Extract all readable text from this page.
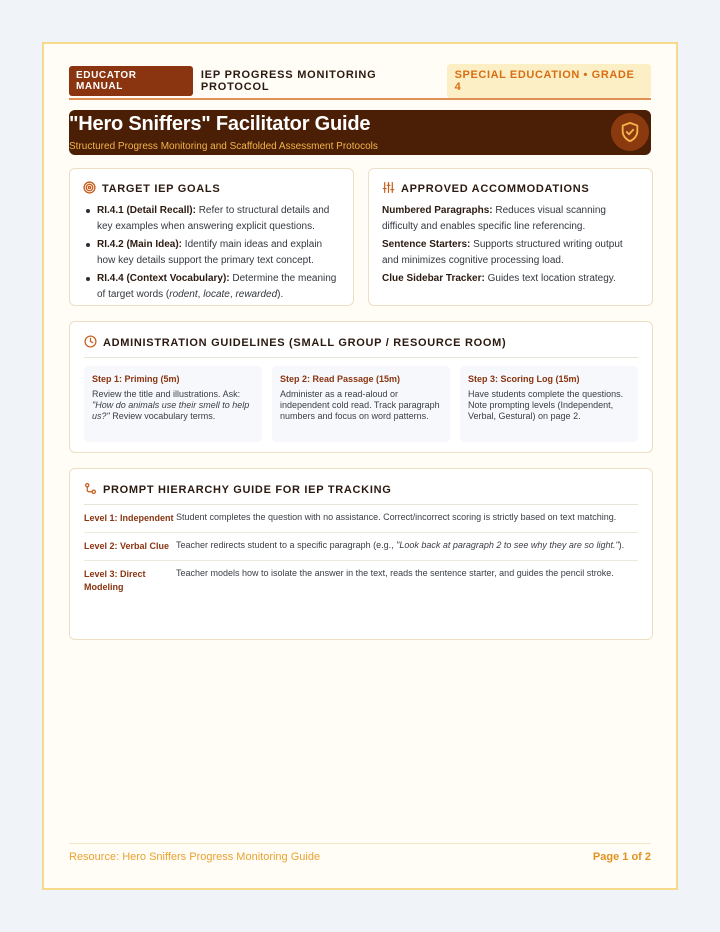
EDUCATOR MANUAL
IEP PROGRESS MONITORING PROTOCOL
SPECIAL EDUCATION • GRADE 4
"Hero Sniffers" Facilitator Guide
Structured Progress Monitoring and Scaffolded Assessment Protocols
TARGET IEP GOALS
RI.4.1 (Detail Recall): Refer to structural details and key examples when answering explicit questions.
RI.4.2 (Main Idea): Identify main ideas and explain how key details support the primary text concept.
RI.4.4 (Context Vocabulary): Determine the meaning of target words (rodent, locate, rewarded).
APPROVED ACCOMMODATIONS

Numbered Paragraphs: Reduces visual scanning difficulty and enables specific line referencing.

Sentence Starters: Supports structured writing output and minimizes cognitive processing load.

Clue Sidebar Tracker: Guides text location strategy.

ADMINISTRATION GUIDELINES (SMALL GROUP / RESOURCE ROOM)
Step 1: Priming (5m)
Review the title and illustrations. Ask: "How do animals use their smell to help us?" Review vocabulary terms.
Step 2: Read Passage (15m)
Administer as a read-aloud or independent cold read. Track paragraph numbers and focus on word patterns.
Step 3: Scoring Log (15m)
Have students complete the questions. Note prompting levels (Independent, Verbal, Gestural) on page 2.
PROMPT HIERARCHY GUIDE FOR IEP TRACKING
Level 1: Independent Student completes the question with no assistance. Correct/incorrect scoring is strictly based on text matching.
Level 2: Verbal Clue Teacher redirects student to a specific paragraph (e.g., "Look back at paragraph 2 to see why they are so light.").
Level 3: Direct Modeling
Teacher models how to isolate the answer in the text, reads the sentence starter, and guides the pencil stroke.
Resource: Hero Sniffers Progress Monitoring Guide	Page 1 of 2
